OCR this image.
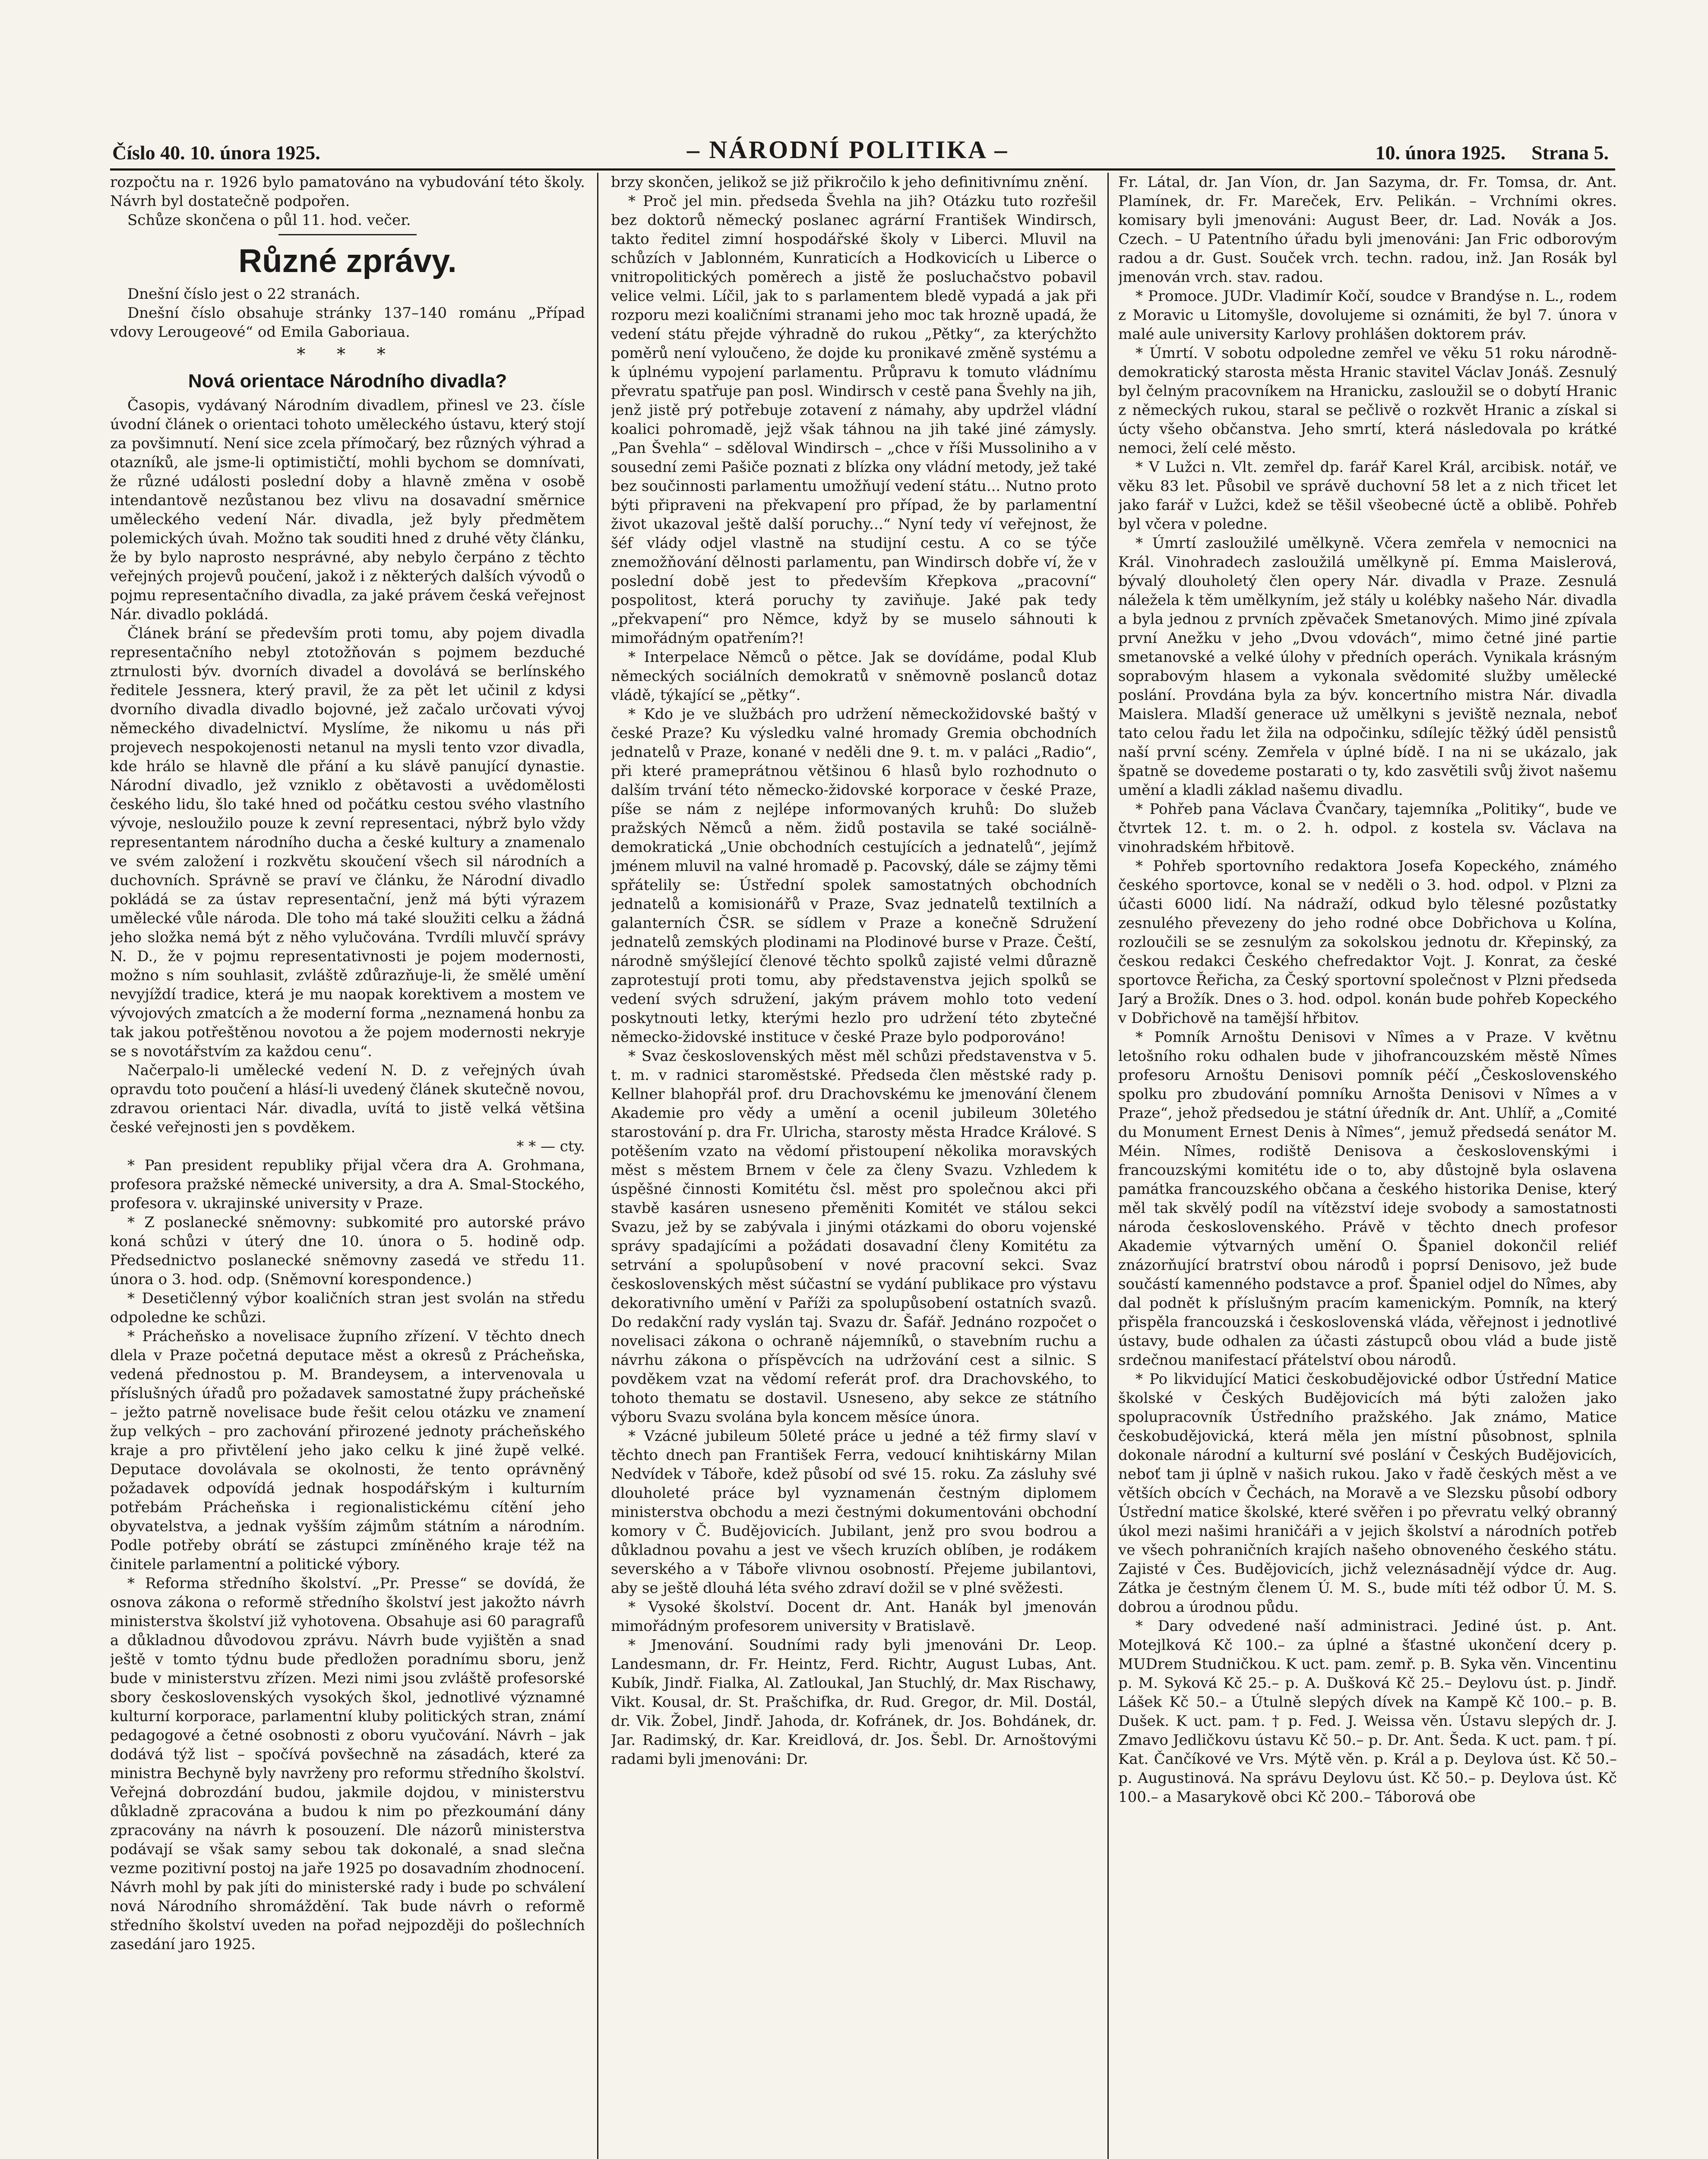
Číslo 40. 10. února 1925.	– NÁRODNÍ POLITIKA –	10. února 1925. Strana 5.

rozpočtu na r. 1926 bylo pamatováno na vybudování této školy. Návrh byl dostatečně podpořen.

Schůze skončena o půl 11. hod. večer.

Různé zprávy.

Dnešní číslo jest o 22 stranách.

Dnešní číslo obsahuje stránky 137–140 románu „Případ vdovy Lerougeové“ od Emila Gaboriaua.

* * *
Nová orientace Národního divadla?

Časopis, vydávaný Národním divadlem, přinesl ve 23. čísle úvodní článek o orientaci tohoto uměleckého ústavu, který stojí za povšimnutí. Není sice zcela přímočarý, bez různých výhrad a otazníků, ale jsme-li optimističtí, mohli bychom se domnívati, že různé události poslední doby a hlavně změna v osobě intendantově nezůstanou bez vlivu na dosavadní směrnice uměleckého vedení Nár. divadla, jež byly předmětem polemických úvah. Možno tak souditi hned z druhé věty článku, že by bylo naprosto nesprávné, aby nebylo čerpáno z těchto veřejných projevů poučení, jakož i z některých dalších vývodů o pojmu representačního divadla, za jaké právem česká veřejnost Nár. divadlo pokládá.

Článek brání se především proti tomu, aby pojem divadla representačního nebyl ztotožňován s pojmem bezduché ztrnulosti býv. dvorních divadel a dovolává se berlínského ředitele Jessnera, který pravil, že za pět let učinil z kdysi dvorního divadla divadlo bojovné, jež začalo určovati vývoj německého divadelnictví. Myslíme, že nikomu u nás při projevech nespokojenosti netanul na mysli tento vzor divadla, kde hrálo se hlavně dle přání a ku slávě panující dynastie. Národní divadlo, jež vzniklo z obětavosti a uvědomělosti českého lidu, šlo také hned od počátku cestou svého vlastního vývoje, nesloužilo pouze k zevní representaci, nýbrž bylo vždy representantem národního ducha a české kultury a znamenalo ve svém založení i rozkvětu skoučení všech sil národních a duchovních. Správně se praví ve článku, že Národní divadlo pokládá se za ústav representační, jenž má býti výrazem umělecké vůle národa. Dle toho má také sloužiti celku a žádná jeho složka nemá být z něho vylučována. Tvrdíli mluvčí správy N. D., že v pojmu representativnosti je pojem modernosti, možno s ním souhlasit, zvláště zdůrazňuje-li, že smělé umění nevyjíždí tradice, která je mu naopak korektivem a mostem ve vývojových zmatcích a že moderní forma „neznamená honbu za tak jakou potřeštěnou novotou a že pojem modernosti nekryje se s novotářstvím za každou cenu“.

Načerpalo-li umělecké vedení N. D. z veřejných úvah opravdu toto poučení a hlásí-li uvedený článek skutečně novou, zdravou orientaci Nár. divadla, uvítá to jistě velká většina české veřejnosti jen s povděkem.

* * — cty.

* Pan president republiky přijal včera dra A. Grohmana, profesora pražské německé university, a dra A. Smal-Stockého, profesora v. ukrajinské university v Praze.

* Z poslanecké sněmovny: subkomité pro autorské právo koná schůzi v úterý dne 10. února o 5. hodině odp. Předsednictvo poslanecké sněmovny zasedá ve středu 11. února o 3. hod. odp. (Sněmovní korespondence.)

* Desetičlenný výbor koaličních stran jest svolán na středu odpoledne ke schůzi.

* Prácheňsko a novelisace župního zřízení. V těchto dnech dlela v Praze početná deputace měst a okresů z Prácheňska, vedená přednostou p. M. Brandeysem, a intervenovala u příslušných úřadů pro požadavek samostatné župy prácheňské – ježto patrně novelisace bude řešit celou otázku ve znamení žup velkých – pro zachování přirozené jednoty prácheňského kraje a pro přivtělení jeho jako celku k jiné župě velké. Deputace dovolávala se okolnosti, že tento oprávněný požadavek odpovídá jednak hospodářským i kulturním potřebám Prácheňska i regionalistickému cítění jeho obyvatelstva, a jednak vyšším zájmům státním a národním. Podle potřeby obrátí se zástupci zmíněného kraje též na činitele parlamentní a politické výbory.

* Reforma středního školství. „Pr. Presse“ se dovídá, že osnova zákona o reformě středního školství jest jakožto návrh ministerstva školství již vyhotovena. Obsahuje asi 60 paragrafů a důkladnou důvodovou zprávu. Návrh bude vyjištěn a snad ještě v tomto týdnu bude předložen poradnímu sboru, jenž bude v ministerstvu zřízen. Mezi nimi jsou zvláště profesorské sbory československých vysokých škol, jednotlivé významné kulturní korporace, parlamentní kluby politických stran, známí pedagogové a četné osobnosti z oboru vyučování. Návrh – jak dodává týž list – spočívá povšechně na zásadách, které za ministra Bechyně byly navrženy pro reformu středního školství. Veřejná dobrozdání budou, jakmile dojdou, v ministerstvu důkladně zpracována a budou k nim po přezkoumání dány zpracovány na návrh k posouzení. Dle názorů ministerstva podávají se však samy sebou tak dokonalé, a snad slečna vezme pozitivní postoj na jaře 1925 po dosavadním zhodnocení. Návrh mohl by pak jíti do ministerské rady i bude po schválení nová Národního shromáždění. Tak bude návrh o reformě středního školství uveden na pořad nejpozději do pošlechních zasedání jaro 1925.

brzy skončen, jelikož se již přikročilo k jeho definitivnímu znění.

* Proč jel min. předseda Švehla na jih? Otázku tuto rozřešil bez doktorů německý poslanec agrární František Windirsch, takto ředitel zimní hospodářské školy v Liberci. Mluvil na schůzích v Jablonném, Kunraticích a Hodkovicích u Liberce o vnitropolitických poměrech a jistě že posluchačstvo pobavil velice velmi. Líčil, jak to s parlamentem bledě vypadá a jak při rozporu mezi koaličními stranami jeho moc tak hrozně upadá, že vedení státu přejde výhradně do rukou „Pětky“, za kterýchžto poměrů není vyloučeno, že dojde ku pronikavé změně systému a k úplnému vypojení parlamentu. Průpravu k tomuto vládnímu převratu spatřuje pan posl. Windirsch v cestě pana Švehly na jih, jenž jistě prý potřebuje zotavení z námahy, aby updržel vládní koalici pohromadě, jejž však táhnou na jih také jiné zámysly. „Pan Švehla“ – sděloval Windirsch – „chce v říši Mussoliniho a v sousední zemi Pašiče poznati z blízka ony vládní metody, jež také bez součinnosti parlamentu umožňují vedení státu... Nutno proto býti připraveni na překvapení pro případ, že by parlamentní život ukazoval ještě další poruchy...“ Nyní tedy ví veřejnost, že šéf vlády odjel vlastně na studijní cestu. A co se týče znemožňování dělnosti parlamentu, pan Windirsch dobře ví, že v poslední době jest to především Křepkova „pracovní“ pospolitost, která poruchy ty zaviňuje. Jaké pak tedy „překvapení“ pro Němce, když by se muselo sáhnouti k mimořádným opatřením?!

* Interpelace Němců o pětce. Jak se dovídáme, podal Klub německých sociálních demokratů v sněmovně poslanců dotaz vládě, týkající se „pětky“.

* Kdo je ve službách pro udržení německožidovské baštý v české Praze? Ku výsledku valné hromady Gremia obchodních jednatelů v Praze, konané v neděli dne 9. t. m. v paláci „Radio“, při které prameprátnou většinou 6 hlasů bylo rozhodnuto o dalším trvání této německo-židovské korporace v české Praze, píše se nám z nejlépe informovaných kruhů: Do služeb pražských Němců a něm. židů postavila se také sociálně-demokratická „Unie obchodních cestujících a jednatelů“, jejímž jménem mluvil na valné hromadě p. Pacovský, dále se zájmy těmi spřátelily se: Ústřední spolek samostatných obchodních jednatelů a komisionářů v Praze, Svaz jednatelů textilních a galanterních ČSR. se sídlem v Praze a konečně Sdružení jednatelů zemských plodinami na Plodinové burse v Praze. Čeští, národně smýšlející členové těchto spolků zajisté velmi důrazně zaprotestují proti tomu, aby představenstva jejich spolků se vedení svých sdružení, jakým právem mohlo toto vedení poskytnouti letky, kterými hezlo pro udržení této zbytečné německo-židovské instituce v české Praze bylo podporováno!

* Svaz československých měst měl schůzi představenstva v 5. t. m. v radnici staroměstské. Předseda člen městské rady p. Kellner blahopřál prof. dru Drachovskému ke jmenování členem Akademie pro vědy a umění a ocenil jubileum 30letého starostování p. dra Fr. Ulricha, starosty města Hradce Králové. S potěšením vzato na vědomí přistoupení několika moravských měst s městem Brnem v čele za členy Svazu. Vzhledem k úspěšné činnosti Komitétu čsl. měst pro společnou akci při stavbě kasáren usneseno přeměniti Komitét ve stálou sekci Svazu, jež by se zabývala i jinými otázkami do oboru vojenské správy spadajícími a požádati dosavadní členy Komitétu za setrvání a spolupůsobení v nové pracovní sekci. Svaz československých měst súčastní se vydání publikace pro výstavu dekorativního umění v Paříži za spolupůsobení ostatních svazů. Do redakční rady vyslán taj. Svazu dr. Šafář. Jednáno rozpočet o novelisaci zákona o ochraně nájemníků, o stavebním ruchu a návrhu zákona o příspěvcích na udržování cest a silnic. S povděkem vzat na vědomí referát prof. dra Drachovského, to tohoto thematu se dostavil. Usneseno, aby sekce ze státního výboru Svazu svolána byla koncem měsíce února.

* Vzácné jubileum 50leté práce u jedné a též firmy slaví v těchto dnech pan František Ferra, vedoucí knihtiskárny Milan Nedvídek v Táboře, kdež působí od své 15. roku. Za zásluhy své dlouholeté práce byl vyznamenán čestným diplomem ministerstva obchodu a mezi čestnými dokumentováni obchodní komory v Č. Budějovicích. Jubilant, jenž pro svou bodrou a důkladnou povahu a jest ve všech kruzích oblíben, je rodákem severského a v Táboře vlivnou osobností. Přejeme jubilantovi, aby se ještě dlouhá léta svého zdraví dožil se v plné svěžesti.

* Vysoké školství. Docent dr. Ant. Hanák byl jmenován mimořádným profesorem university v Bratislavě.

* Jmenování. Soudními rady byli jmenováni Dr. Leop. Landesmann, dr. Fr. Heintz, Ferd. Richtr, August Lubas, Ant. Kubík, Jindř. Fialka, Al. Zatloukal, Jan Stuchlý, dr. Max Rischawy, Vikt. Kousal, dr. St. Prašchifka, dr. Rud. Gregor, dr. Mil. Dostál, dr. Vik. Žobel, Jindř. Jahoda, dr. Kofránek, dr. Jos. Bohdánek, dr. Jar. Radimský, dr. Kar. Kreidlová, dr. Jos. Šebl. Dr. Arnoštovými radami byli jmenováni: Dr.

Fr. Látal, dr. Jan Víon, dr. Jan Sazyma, dr. Fr. Tomsa, dr. Ant. Plamínek, dr. Fr. Mareček, Erv. Pelikán. – Vrchními okres. komisary byli jmenováni: August Beer, dr. Lad. Novák a Jos. Czech. – U Patentního úřadu byli jmenováni: Jan Fric odborovým radou a dr. Gust. Souček vrch. techn. radou, inž. Jan Rosák byl jmenován vrch. stav. radou.

* Promoce. JUDr. Vladimír Kočí, soudce v Brandýse n. L., rodem z Moravic u Litomyšle, dovolujeme si oznámiti, že byl 7. února v malé aule university Karlovy prohlášen doktorem práv.

* Úmrtí. V sobotu odpoledne zemřel ve věku 51 roku národně-demokratický starosta města Hranic stavitel Václav Jonáš. Zesnulý byl čelným pracovníkem na Hranicku, zasloužil se o dobytí Hranic z německých rukou, staral se pečlivě o rozkvět Hranic a získal si úcty všeho občanstva. Jeho smrtí, která následovala po krátké nemoci, želí celé město.

* V Lužci n. Vlt. zemřel dp. farář Karel Král, arcibisk. notář, ve věku 83 let. Působil ve správě duchovní 58 let a z nich třicet let jako farář v Lužci, kdež se těšil všeobecné úctě a oblibě. Pohřeb byl včera v poledne.

* Úmrtí zasloužilé umělkyně. Včera zemřela v nemocnici na Král. Vinohradech zasloužilá umělkyně pí. Emma Maislerová, bývalý dlouholetý člen opery Nár. divadla v Praze. Zesnulá náležela k těm umělkyním, jež stály u kolébky našeho Nár. divadla a byla jednou z prvních zpěvaček Smetanových. Mimo jiné zpívala první Anežku v jeho „Dvou vdovách“, mimo četné jiné partie smetanovské a velké úlohy v předních operách. Vynikala krásným soprabovým hlasem a vykonala svědomité služby umělecké poslání. Provdána byla za býv. koncertního mistra Nár. divadla Maislera. Mladší generace už umělkyni s jeviště neznala, neboť tato celou řadu let žila na odpočinku, sdílejíc těžký úděl pensistů naší první scény. Zemřela v úplné bídě. I na ni se ukázalo, jak špatně se dovedeme postarati o ty, kdo zasvětili svůj život našemu umění a kladli základ našemu divadlu.

* Pohřeb pana Václava Čvančary, tajemníka „Politiky“, bude ve čtvrtek 12. t. m. o 2. h. odpol. z kostela sv. Václava na vinohradském hřbitově.

* Pohřeb sportovního redaktora Josefa Kopeckého, známého českého sportovce, konal se v neděli o 3. hod. odpol. v Plzni za účasti 6000 lidí. Na nádraží, odkud bylo tělesné pozůstatky zesnulého převezeny do jeho rodné obce Dobřichova u Kolína, rozloučili se se zesnulým za sokolskou jednotu dr. Křepinský, za českou redakci Českého chefredaktor Vojt. J. Konrat, za české sportovce Řeřicha, za Český sportovní společnost v Plzni předseda Jarý a Brožík. Dnes o 3. hod. odpol. konán bude pohřeb Kopeckého v Dobřichově na tamější hřbitov.

* Pomník Arnoštu Denisovi v Nîmes a v Praze. V květnu letošního roku odhalen bude v jihofrancouzském městě Nîmes profesoru Arnoštu Denisovi pomník péčí „Československého spolku pro zbudování pomníku Arnošta Denisovi v Nîmes a v Praze“, jehož předsedou je státní úředník dr. Ant. Uhlíř, a „Comité du Monument Ernest Denis à Nîmes“, jemuž předsedá senátor M. Méin. Nîmes, rodiště Denisova a československými i francouzskými komitétu ide o to, aby důstojně byla oslavena památka francouzského občana a českého historika Denise, který měl tak skvělý podíl na vítězství ideje svobody a samostatnosti národa československého. Právě v těchto dnech profesor Akademie výtvarných umění O. Španiel dokončil reliéf znázorňující bratrství obou národů i poprsí Denisovo, jež bude součástí kamenného podstavce a prof. Španiel odjel do Nîmes, aby dal podnět k příslušným pracím kamenickým. Pomník, na který přispěla francouzská i československá vláda, věřejnost i jednotlivé ústavy, bude odhalen za účasti zástupců obou vlád a bude jistě srdečnou manifestací přátelství obou národů.

* Po likvidující Matici českobudějovické odbor Ústřední Matice školské v Českých Budějovicích má býti založen jako spolupracovník Ústředního pražského. Jak známo, Matice českobudějovická, která měla jen místní působnost, splnila dokonale národní a kulturní své poslání v Českých Budějovicích, neboť tam ji úplně v našich rukou. Jako v řadě českých měst a ve větších obcích v Čechách, na Moravě a ve Slezsku působí odbory Ústřední matice školské, které svěřen i po převratu velký obranný úkol mezi našimi hraničáři a v jejich školství a národních potřeb ve všech pohraničních krajích našeho obnoveného českého státu. Zajisté v Čes. Budějovicích, jichž veleznásadnějí výdce dr. Aug. Zátka je čestným členem Ú. M. S., bude míti též odbor Ú. M. S. dobrou a úrodnou půdu.

* Dary odvedené naší administraci. Jediné úst. p. Ant. Motejlková Kč 100.– za úplné a šťastné ukončení dcery p. MUDrem Studničkou. K uct. pam. zemř. p. B. Syka věn. Vincentinu p. M. Syková Kč 25.– p. A. Dušková Kč 25.– Deylovu úst. p. Jindř. Lášek Kč 50.– a Útulně slepých dívek na Kampě Kč 100.– p. B. Dušek. K uct. pam. † p. Fed. J. Weissa věn. Ústavu slepých dr. J. Zmavo Jedličkovu ústavu Kč 50.– p. Dr. Ant. Šeda. K uct. pam. † pí. Kat. Čančíkové ve Vrs. Mýtě věn. p. Král a p. Deylova úst. Kč 50.– p. Augustinová. Na správu Deylovu úst. Kč 50.– p. Deylova úst. Kč 100.– a Masarykově obci Kč 200.– Táborová obe
